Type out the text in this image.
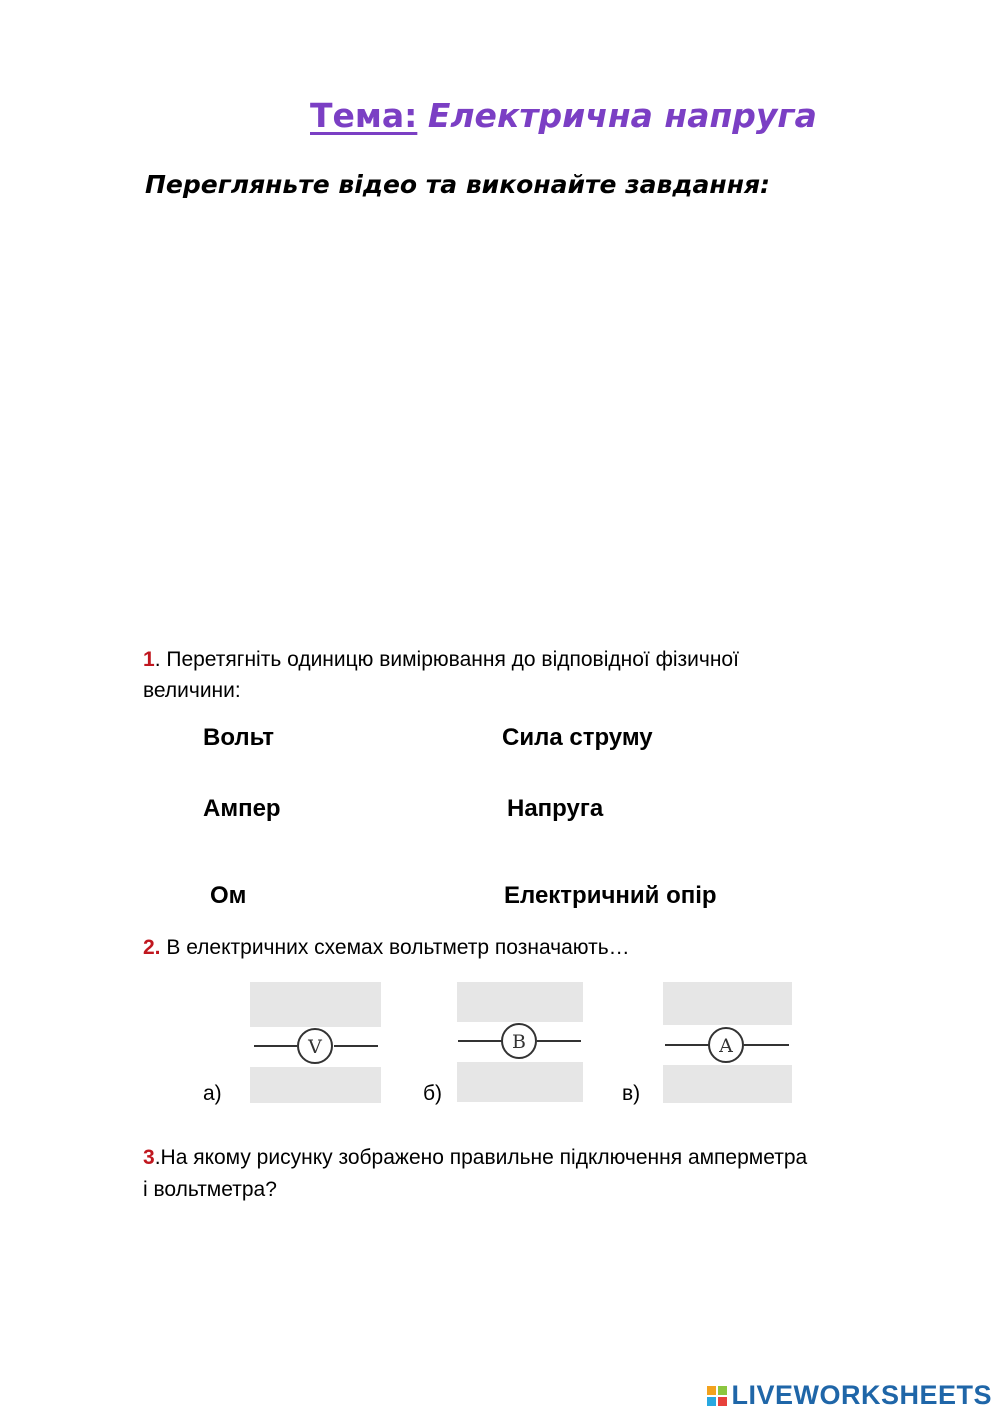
Тема: Електрична напруга
Перегляньте відео та виконайте завдання:
1. Перетягніть одиницю вимірювання до відповідної фізичної
величини:
Вольт
Ампер
Ом
Сила струму
Напруга
Електричний опір
2. В електричних схемах вольтметр позначають…
V	B	A
а)	б)	в)
3.На якому рисунку зображено правильне підключення амперметра
і вольтметра?
LIVEWORKSHEETS
